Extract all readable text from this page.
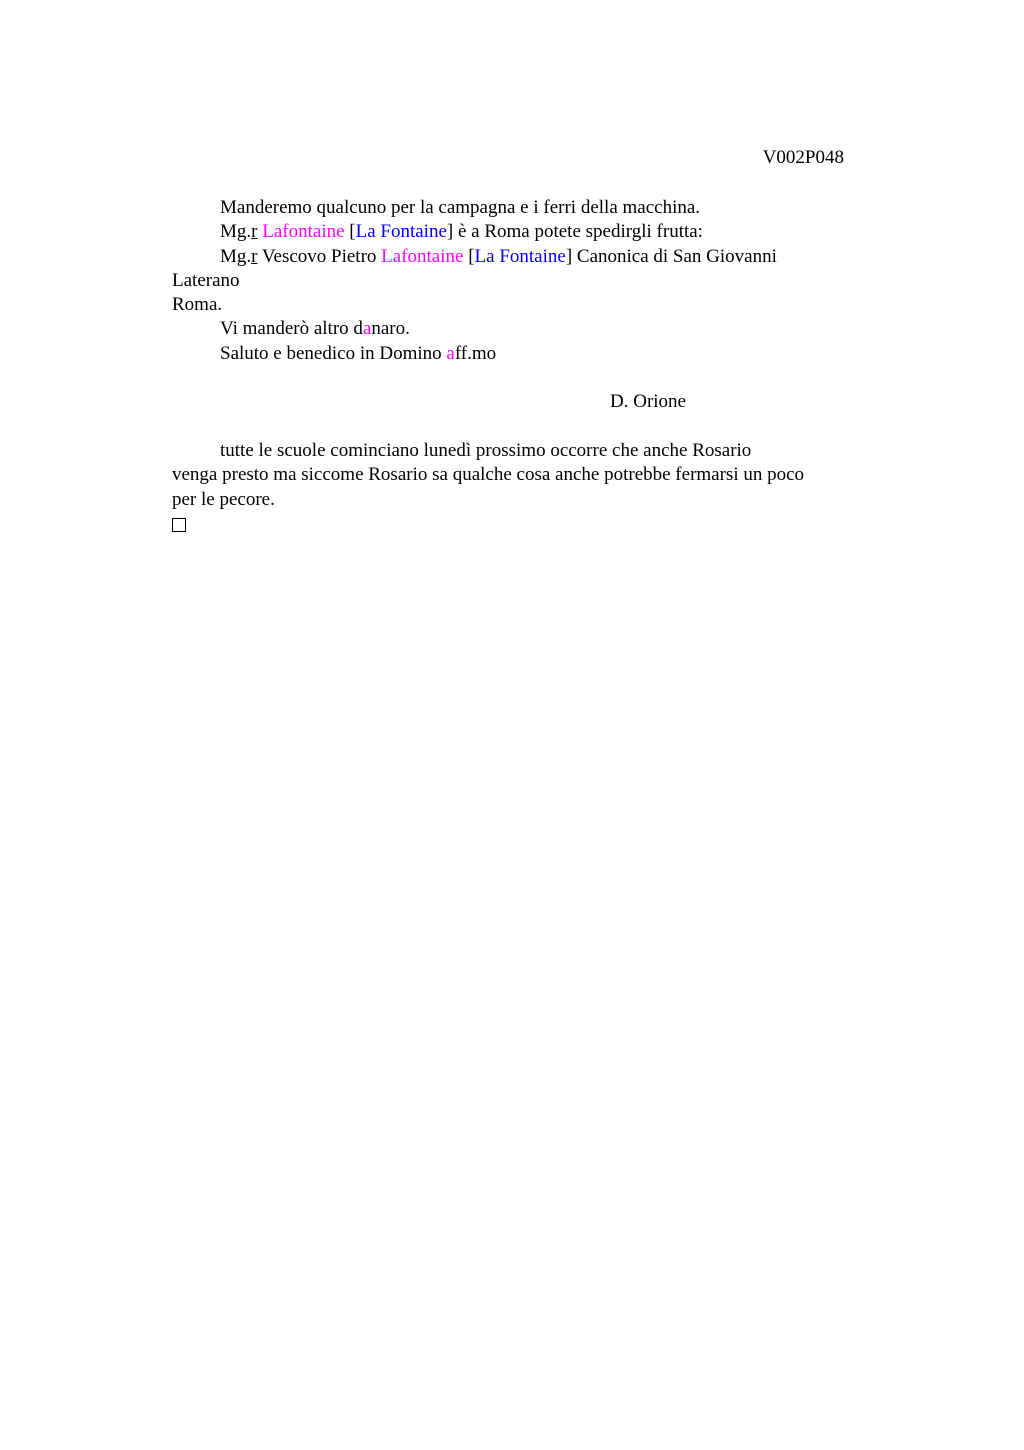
V002P048
Manderemo qualcuno per la campagna e i ferri della macchina.
Mg.r Lafontaine [La Fontaine] è a Roma potete spedirgli frutta:
Mg.r Vescovo Pietro Lafontaine [La Fontaine] Canonica di San Giovanni
Laterano
Roma.
Vi manderò altro danaro.
Saluto e benedico in Domino aff.mo
D. Orione
tutte le scuole cominciano lunedì prossimo occorre che anche Rosario
venga presto ma siccome Rosario sa qualche cosa anche potrebbe fermarsi un poco
per le pecore.
